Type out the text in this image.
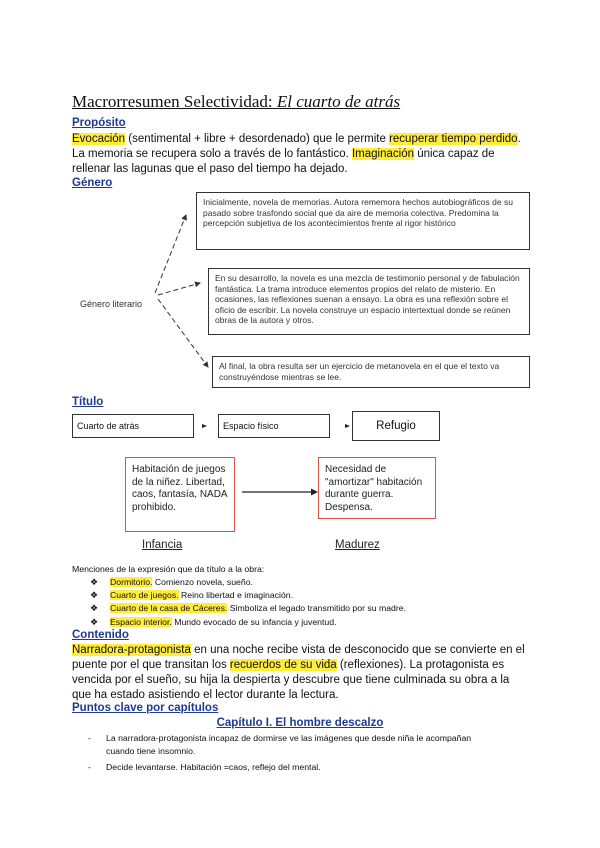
Macrorresumen Selectividad: El cuarto de atrás
Propósito
Evocación (sentimental + libre + desordenado) que le permite recuperar tiempo perdido. La memoria se recupera solo a través de lo fantástico. Imaginación única capaz de rellenar las lagunas que el paso del tiempo ha dejado.
Género
Inicialmente, novela de memorias. Autora rememora hechos autobiográficos de su pasado sobre trasfondo social que da aire de memoria colectiva. Predomina la percepción subjetiva de los acontecimientos frente al rigor histórico
En su desarrollo, la novela es una mezcla de testimonio personal y de fabulación fantástica. La trama introduce elementos propios del relato de misterio. En ocasiones, las reflexiones suenan a ensayo. La obra es una reflexión sobre el oficio de escribir. La novela construye un espacio intertextual donde se reúnen obras de la autora y otros.
Al final, la obra resulta ser un ejercicio de metanovela en el que el texto va construyéndose mientras se lee.
Género literario
Título
Cuarto de atrás	Espacio físico	Refugio
Habitación de juegos de la niñez. Libertad, caos, fantasía, NADA prohibido.
Necesidad de "amortizar" habitación durante guerra. Despensa.
Infancia	Madurez
Menciones de la expresión que da título a la obra:
❖ Dormitorio. Comienzo novela, sueño.
❖ Cuarto de juegos. Reino libertad e imaginación.
❖ Cuarto de la casa de Cáceres. Simboliza el legado transmitido por su madre.
❖ Espacio interior. Mundo evocado de su infancia y juventud.
Contenido
Narradora-protagonista en una noche recibe vista de desconocido que se convierte en el puente por el que transitan los recuerdos de su vida (reflexiones). La protagonista es vencida por el sueño, su hija la despierta y descubre que tiene culminada su obra a la que ha estado asistiendo el lector durante la lectura.
Puntos clave por capítulos
Capítulo I. El hombre descalzo
- La narradora-protagonista incapaz de dormirse ve las imágenes que desde niña le acompañan cuando tiene insomnio.
- Decide levantarse. Habitación =caos, reflejo del mental.
